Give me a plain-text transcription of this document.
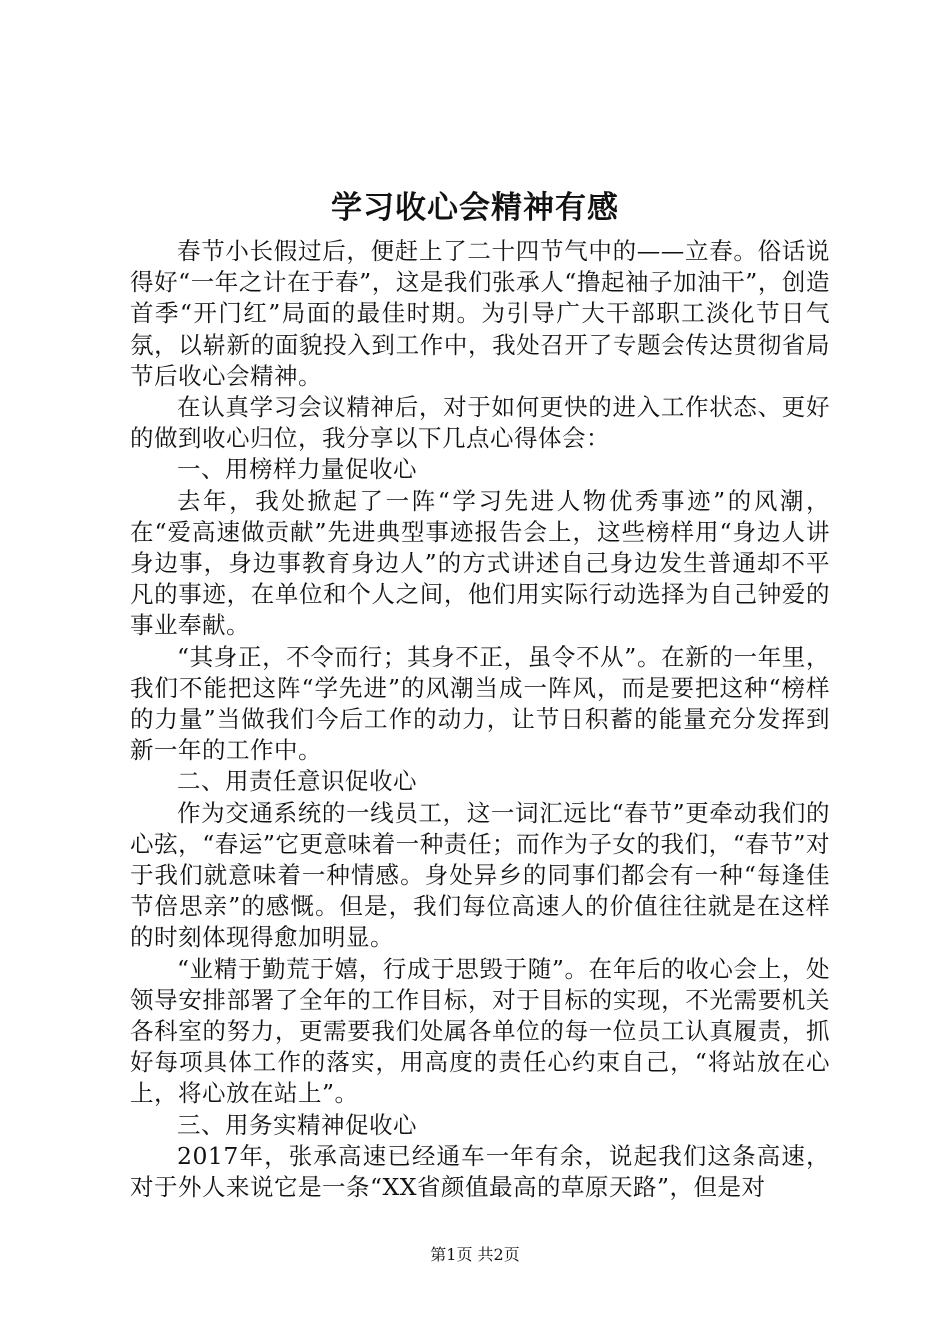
学习收心会精神有感

春节小长假过后，便赶上了二十四节气中的——立春。俗话说得好“一年之计在于春”，这是我们张承人“撸起袖子加油干”，创造首季“开门红”局面的最佳时期。为引导广大干部职工淡化节日气氛，以崭新的面貌投入到工作中，我处召开了专题会传达贯彻省局节后收心会精神。

在认真学习会议精神后，对于如何更快的进入工作状态、更好的做到收心归位，我分享以下几点心得体会：

一、用榜样力量促收心

去年，我处掀起了一阵“学习先进人物优秀事迹”的风潮，在“爱高速做贡献”先进典型事迹报告会上，这些榜样用“身边人讲身边事，身边事教育身边人”的方式讲述自己身边发生普通却不平凡的事迹，在单位和个人之间，他们用实际行动选择为自己钟爱的事业奉献。

“其身正，不令而行；其身不正，虽令不从”。在新的一年里，我们不能把这阵“学先进”的风潮当成一阵风，而是要把这种“榜样的力量”当做我们今后工作的动力，让节日积蓄的能量充分发挥到新一年的工作中。

二、用责任意识促收心

作为交通系统的一线员工，这一词汇远比“春节”更牵动我们的心弦，“春运”它更意味着一种责任；而作为子女的我们，“春节”对于我们就意味着一种情感。身处异乡的同事们都会有一种“每逢佳节倍思亲”的感慨。但是，我们每位高速人的价值往往就是在这样的时刻体现得愈加明显。

“业精于勤荒于嬉，行成于思毁于随”。在年后的收心会上，处领导安排部署了全年的工作目标，对于目标的实现，不光需要机关各科室的努力，更需要我们处属各单位的每一位员工认真履责，抓好每项具体工作的落实，用高度的责任心约束自己，“将站放在心上，将心放在站上”。

三、用务实精神促收心

2017年，张承高速已经通车一年有余，说起我们这条高速，对于外人来说它是一条“XX省颜值最高的草原天路”，但是对

第1页 共2页
